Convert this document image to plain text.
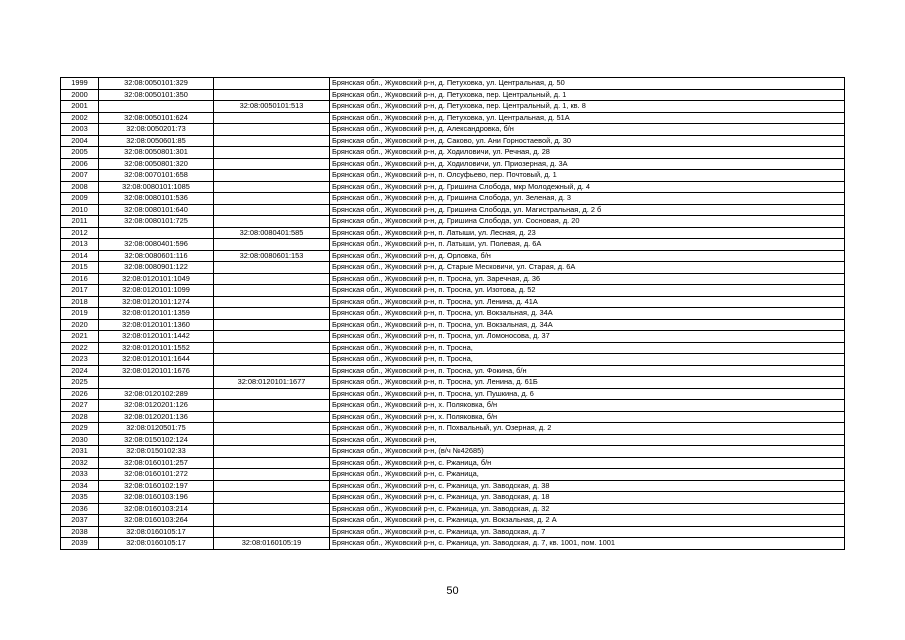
1999	32:08:0050101:329		Брянская обл., Жуковский р-н, д. Петуховка, ул. Центральная, д. 50
2000	32:08:0050101:350		Брянская обл., Жуковский р-н, д. Петуховка, пер. Центральный, д. 1
2001		32:08:0050101:513	Брянская обл., Жуковский р-н, д. Петуховка, пер. Центральный, д. 1, кв. 8
2002	32:08:0050101:624		Брянская обл., Жуковский р-н, д. Петуховка, ул. Центральная, д. 51А
2003	32:08:0050201:73		Брянская обл., Жуковский р-н, д. Александровка, б/н
2004	32:08:0050601:85		Брянская обл., Жуковский р-н, д. Саково, ул. Ани Горностаевой, д. 30
2005	32:08:0050801:301		Брянская обл., Жуковский р-н, д. Ходиловичи, ул. Речная, д. 28
2006	32:08:0050801:320		Брянская обл., Жуковский р-н, д. Ходиловичи, ул. Приозерная, д. 3А
2007	32:08:0070101:658		Брянская обл., Жуковский р-н, п. Олсуфьево, пер. Почтовый, д. 1
2008	32:08:0080101:1085		Брянская обл., Жуковский р-н, д. Гришина Слобода, мкр Молодежный, д. 4
2009	32:08:0080101:536		Брянская обл., Жуковский р-н, д. Гришина Слобода, ул. Зеленая, д. 3
2010	32:08:0080101:640		Брянская обл., Жуковский р-н, д. Гришина Слобода, ул. Магистральная, д. 2 б
2011	32:08:0080101:725		Брянская обл., Жуковский р-н, д. Гришина Слобода, ул. Сосновая, д. 20
2012		32:08:0080401:585	Брянская обл., Жуковский р-н, п. Латыши, ул. Лесная, д. 23
2013	32:08:0080401:596		Брянская обл., Жуковский р-н, п. Латыши, ул. Полевая, д. 6А
2014	32:08:0080601:116	32:08:0080601:153	Брянская обл., Жуковский р-н, д. Орловка, б/н
2015	32:08:0080901:122		Брянская обл., Жуковский р-н, д. Старые Месковичи, ул. Старая, д. 6А
2016	32:08:0120101:1049		Брянская обл., Жуковский р-н, п. Тросна, ул. Заречная, д. 36
2017	32:08:0120101:1099		Брянская обл., Жуковский р-н, п. Тросна, ул. Изотова, д. 52
2018	32:08:0120101:1274		Брянская обл., Жуковский р-н, п. Тросна, ул. Ленина, д. 41А
2019	32:08:0120101:1359		Брянская обл., Жуковский р-н, п. Тросна, ул. Вокзальная, д. 34А
2020	32:08:0120101:1360		Брянская обл., Жуковский р-н, п. Тросна, ул. Вокзальная, д. 34А
2021	32:08:0120101:1442		Брянская обл., Жуковский р-н, п. Тросна, ул. Ломоносова, д. 37
2022	32:08:0120101:1552		Брянская обл., Жуковский р-н, п. Тросна,
2023	32:08:0120101:1644		Брянская обл., Жуковский р-н, п. Тросна,
2024	32:08:0120101:1676		Брянская обл., Жуковский р-н, п. Тросна, ул. Фокина, б/н
2025		32:08:0120101:1677	Брянская обл., Жуковский р-н, п. Тросна, ул. Ленина, д. 61Б
2026	32:08:0120102:289		Брянская обл., Жуковский р-н, п. Тросна, ул. Пушкина, д. 6
2027	32:08:0120201:126		Брянская обл., Жуковский р-н, х. Поляковка, б/н
2028	32:08:0120201:136		Брянская обл., Жуковский р-н, х. Поляковка, б/н
2029	32:08:0120501:75		Брянская обл., Жуковский р-н, п. Похвальный, ул. Озерная, д. 2
2030	32:08:0150102:124		Брянская обл., Жуковский р-н,
2031	32:08:0150102:33		Брянская обл., Жуковский р-н, (в/ч №42685)
2032	32:08:0160101:257		Брянская обл., Жуковский р-н, с. Ржаница, б/н
2033	32:08:0160101:272		Брянская обл., Жуковский р-н, с. Ржаница,
2034	32:08:0160102:197		Брянская обл., Жуковский р-н, с. Ржаница, ул. Заводская, д. 38
2035	32:08:0160103:196		Брянская обл., Жуковский р-н, с. Ржаница, ул. Заводская, д. 18
2036	32:08:0160103:214		Брянская обл., Жуковский р-н, с. Ржаница, ул. Заводская, д. 32
2037	32:08:0160103:264		Брянская обл., Жуковский р-н, с. Ржаница, ул. Вокзальная, д. 2 А
2038	32:08:0160105:17		Брянская обл., Жуковский р-н, с. Ржаница, ул. Заводская, д. 7
2039	32:08:0160105:17	32:08:0160105:19	Брянская обл., Жуковский р-н, с. Ржаница, ул. Заводская, д. 7, кв. 1001, пом. 1001
50
